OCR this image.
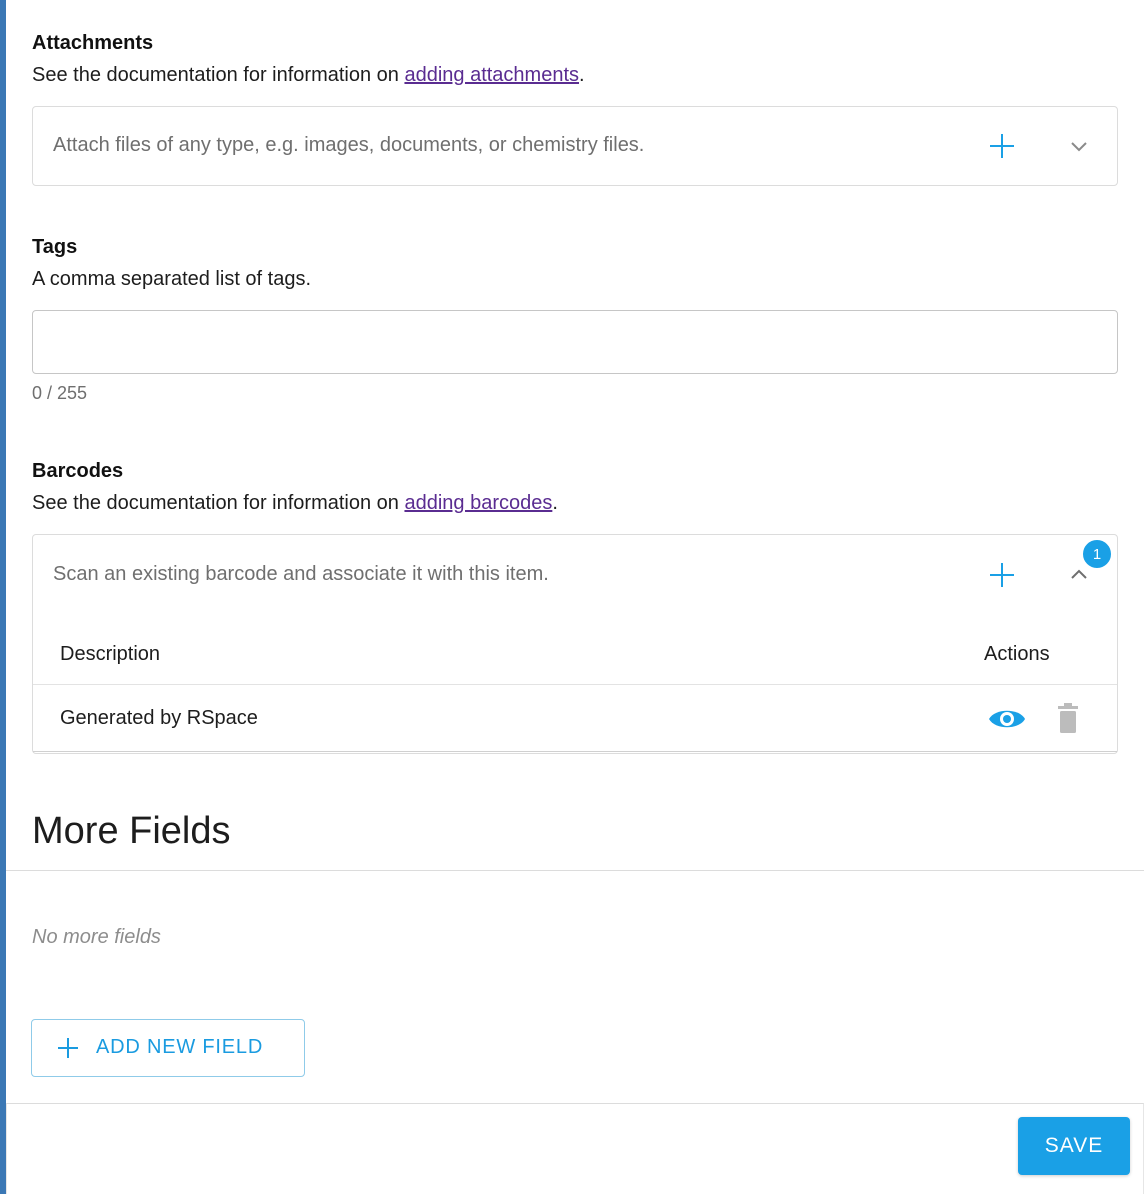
Attachments
See the documentation for information on adding attachments.
Attach files of any type, e.g. images, documents, or chemistry files.
Tags
A comma separated list of tags.
0 / 255
Barcodes
See the documentation for information on adding barcodes.
Scan an existing barcode and associate it with this item.
Description	Actions
Generated by RSpace
1
More Fields
No more fields
ADD NEW FIELD
SAVE
